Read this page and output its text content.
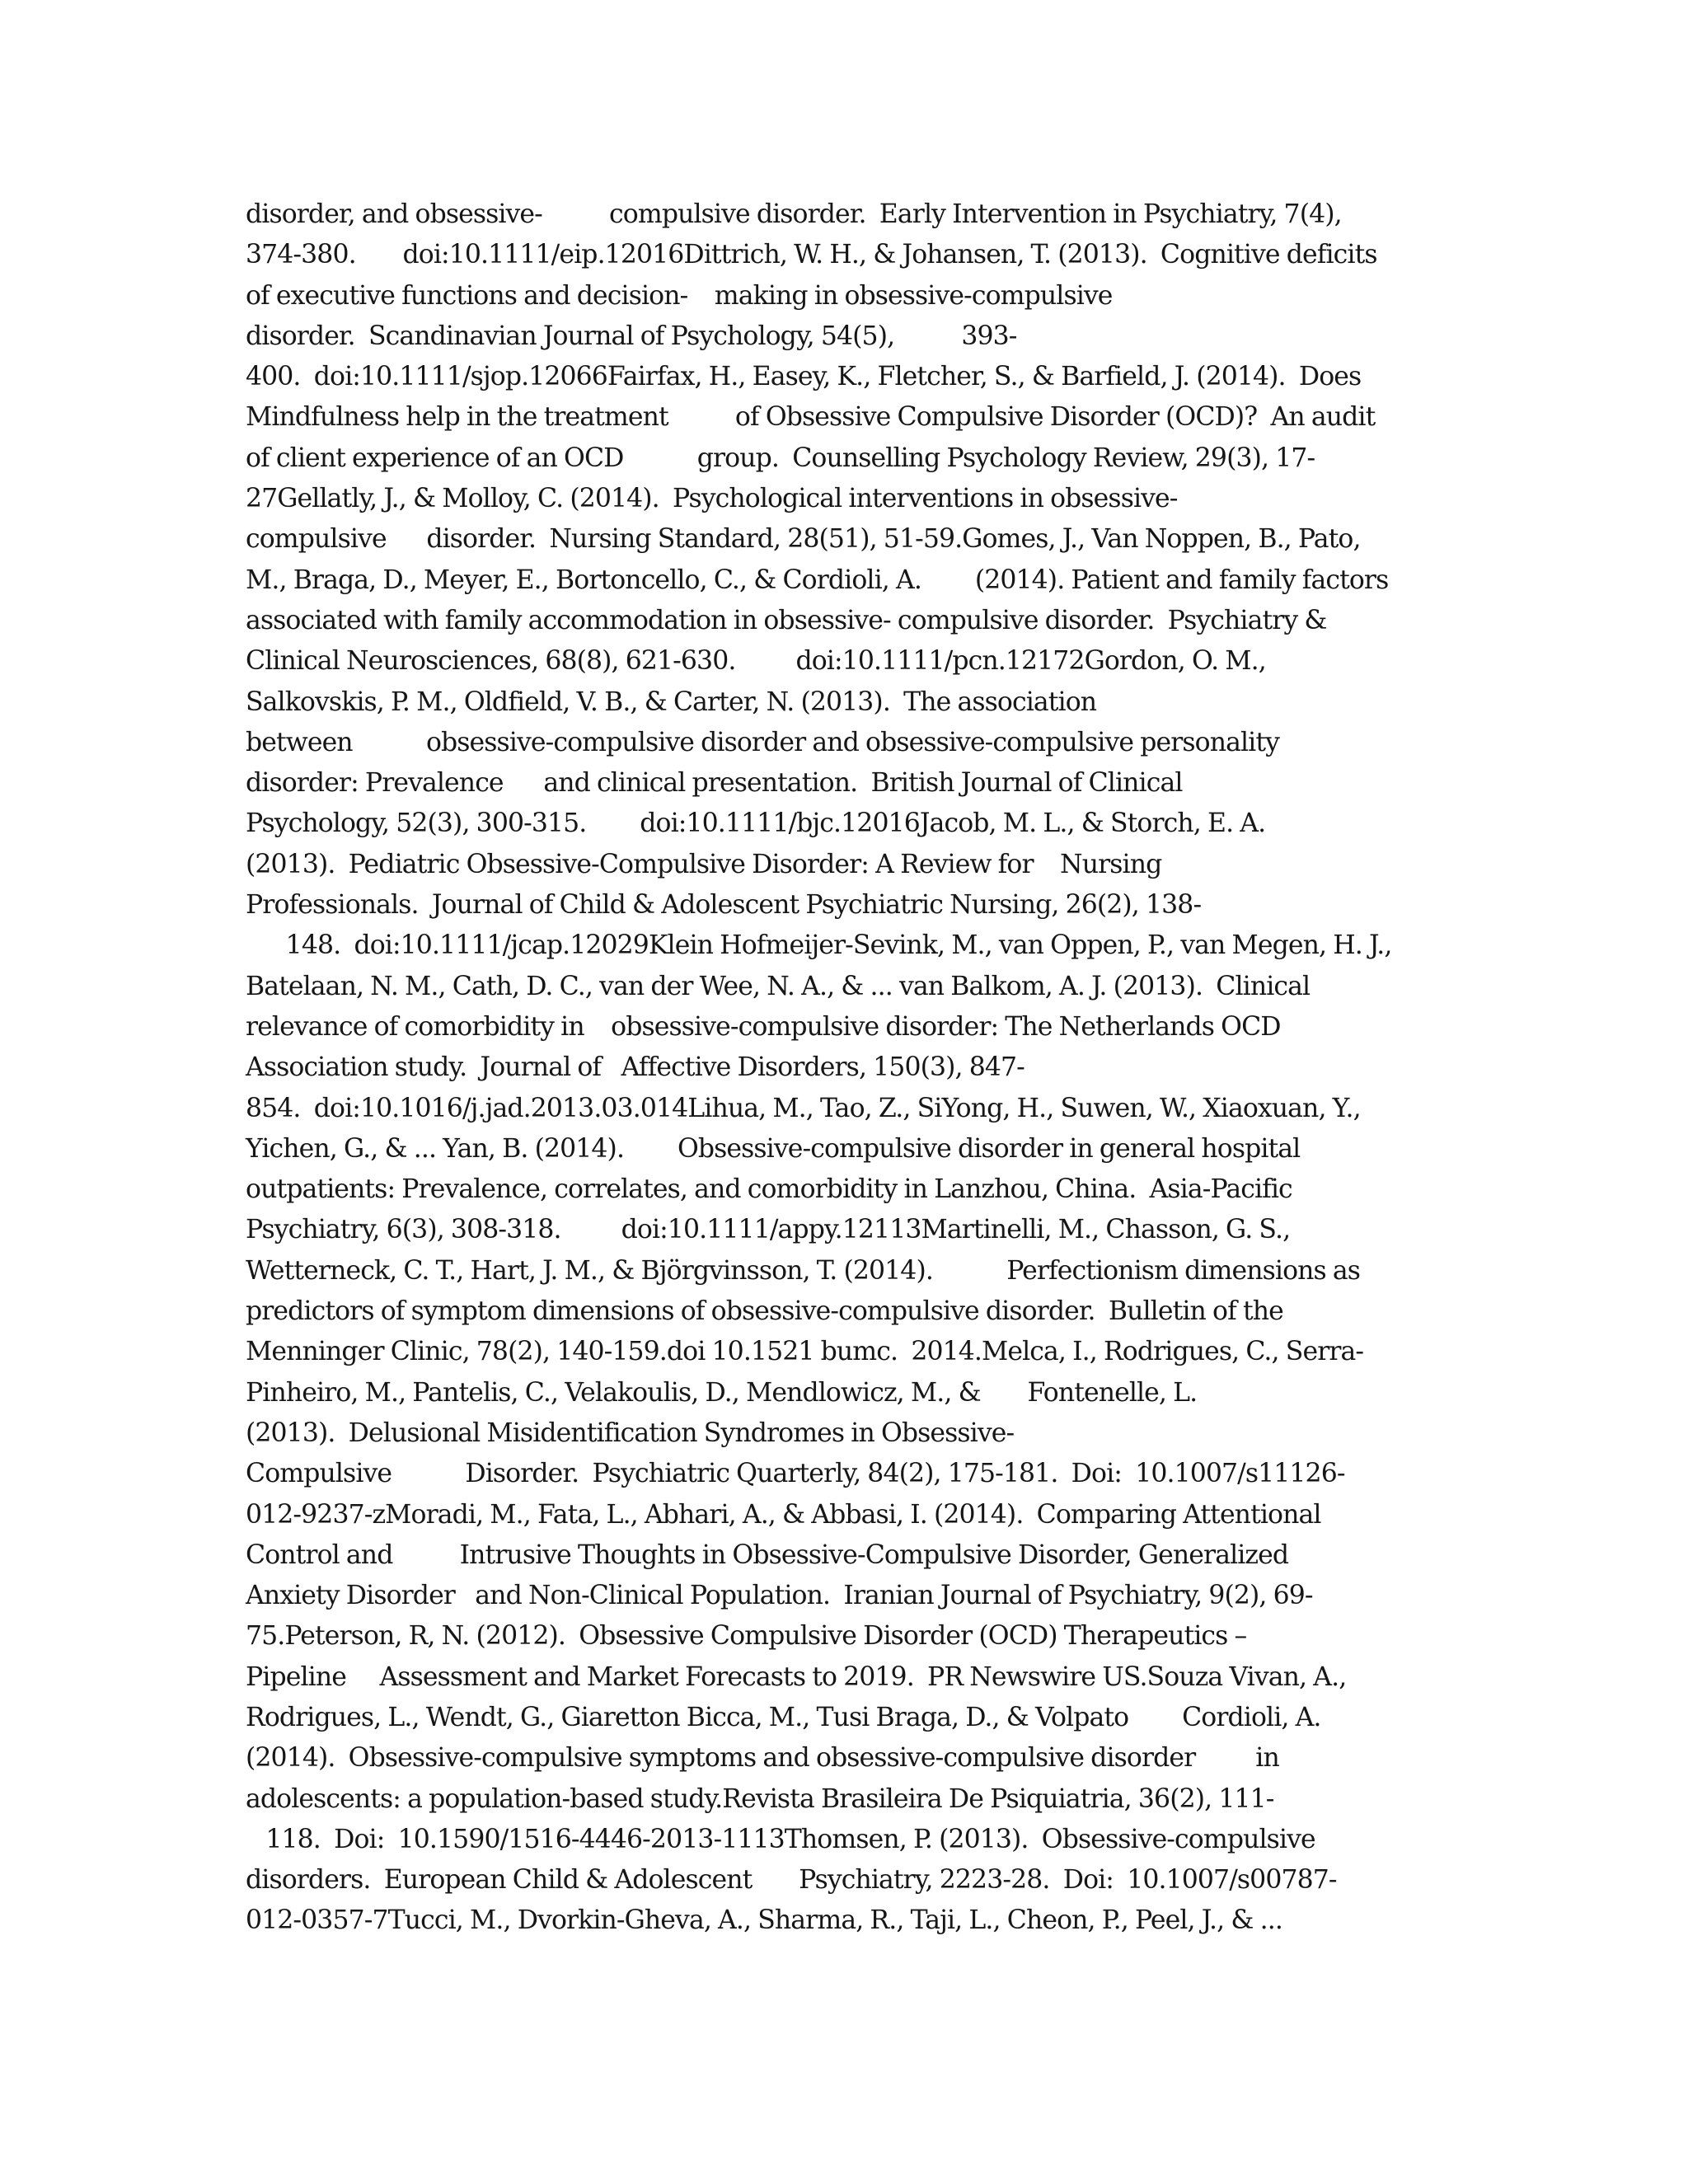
disorder, and obsessive-          compulsive disorder.  Early Intervention in Psychiatry, 7(4),
374-380.       doi:10.1111/eip.12016Dittrich, W. H., & Johansen, T. (2013).  Cognitive deficits
of executive functions and decision-    making in obsessive-compulsive
disorder.  Scandinavian Journal of Psychology, 54(5),          393-
400.  doi:10.1111/sjop.12066Fairfax, H., Easey, K., Fletcher, S., & Barfield, J. (2014).  Does
Mindfulness help in the treatment          of Obsessive Compulsive Disorder (OCD)?  An audit
of client experience of an OCD           group.  Counselling Psychology Review, 29(3), 17-
27Gellatly, J., & Molloy, C. (2014).  Psychological interventions in obsessive-
compulsive      disorder.  Nursing Standard, 28(51), 51-59.Gomes, J., Van Noppen, B., Pato,
M., Braga, D., Meyer, E., Bortoncello, C., & Cordioli, A.        (2014). Patient and family factors
associated with family accommodation in obsessive- compulsive disorder.  Psychiatry &
Clinical Neurosciences, 68(8), 621-630.         doi:10.1111/pcn.12172Gordon, O. M.,
Salkovskis, P. M., Oldfield, V. B., & Carter, N. (2013).  The association
between           obsessive-compulsive disorder and obsessive-compulsive personality
disorder: Prevalence      and clinical presentation.  British Journal of Clinical
Psychology, 52(3), 300-315.        doi:10.1111/bjc.12016Jacob, M. L., & Storch, E. A.
(2013).  Pediatric Obsessive-Compulsive Disorder: A Review for    Nursing
Professionals.  Journal of Child & Adolescent Psychiatric Nursing, 26(2), 138-
148.  doi:10.1111/jcap.12029Klein Hofmeijer-Sevink, M., van Oppen, P., van Megen, H. J.,
Batelaan, N. M., Cath, D. C., van der Wee, N. A., & ... van Balkom, A. J. (2013).  Clinical
relevance of comorbidity in    obsessive-compulsive disorder: The Netherlands OCD
Association study.  Journal of   Affective Disorders, 150(3), 847-
854.  doi:10.1016/j.jad.2013.03.014Lihua, M., Tao, Z., SiYong, H., Suwen, W., Xiaoxuan, Y.,
Yichen, G., & ... Yan, B. (2014).        Obsessive-compulsive disorder in general hospital
outpatients: Prevalence, correlates, and comorbidity in Lanzhou, China.  Asia-Pacific
Psychiatry, 6(3), 308-318.         doi:10.1111/appy.12113Martinelli, M., Chasson, G. S.,
Wetterneck, C. T., Hart, J. M., & Björgvinsson, T. (2014).           Perfectionism dimensions as
predictors of symptom dimensions of obsessive-compulsive disorder.  Bulletin of the
Menninger Clinic, 78(2), 140-159.doi 10.1521 bumc.  2014.Melca, I., Rodrigues, C., Serra-
Pinheiro, M., Pantelis, C., Velakoulis, D., Mendlowicz, M., &       Fontenelle, L.
(2013).  Delusional Misidentification Syndromes in Obsessive-
Compulsive           Disorder.  Psychiatric Quarterly, 84(2), 175-181.  Doi:  10.1007/s11126-
012-9237-zMoradi, M., Fata, L., Abhari, A., & Abbasi, I. (2014).  Comparing Attentional
Control and          Intrusive Thoughts in Obsessive-Compulsive Disorder, Generalized
Anxiety Disorder   and Non-Clinical Population.  Iranian Journal of Psychiatry, 9(2), 69-
75.Peterson, R, N. (2012).  Obsessive Compulsive Disorder (OCD) Therapeutics –
Pipeline     Assessment and Market Forecasts to 2019.  PR Newswire US.Souza Vivan, A.,
Rodrigues, L., Wendt, G., Giaretton Bicca, M., Tusi Braga, D., & Volpato        Cordioli, A.
(2014).  Obsessive-compulsive symptoms and obsessive-compulsive disorder         in
adolescents: a population-based study.Revista Brasileira De Psiquiatria, 36(2), 111-
118.  Doi:  10.1590/1516-4446-2013-1113Thomsen, P. (2013).  Obsessive-compulsive
disorders.  European Child & Adolescent       Psychiatry, 2223-28.  Doi:  10.1007/s00787-
012-0357-7Tucci, M., Dvorkin-Gheva, A., Sharma, R., Taji, L., Cheon, P., Peel, J., & ...
